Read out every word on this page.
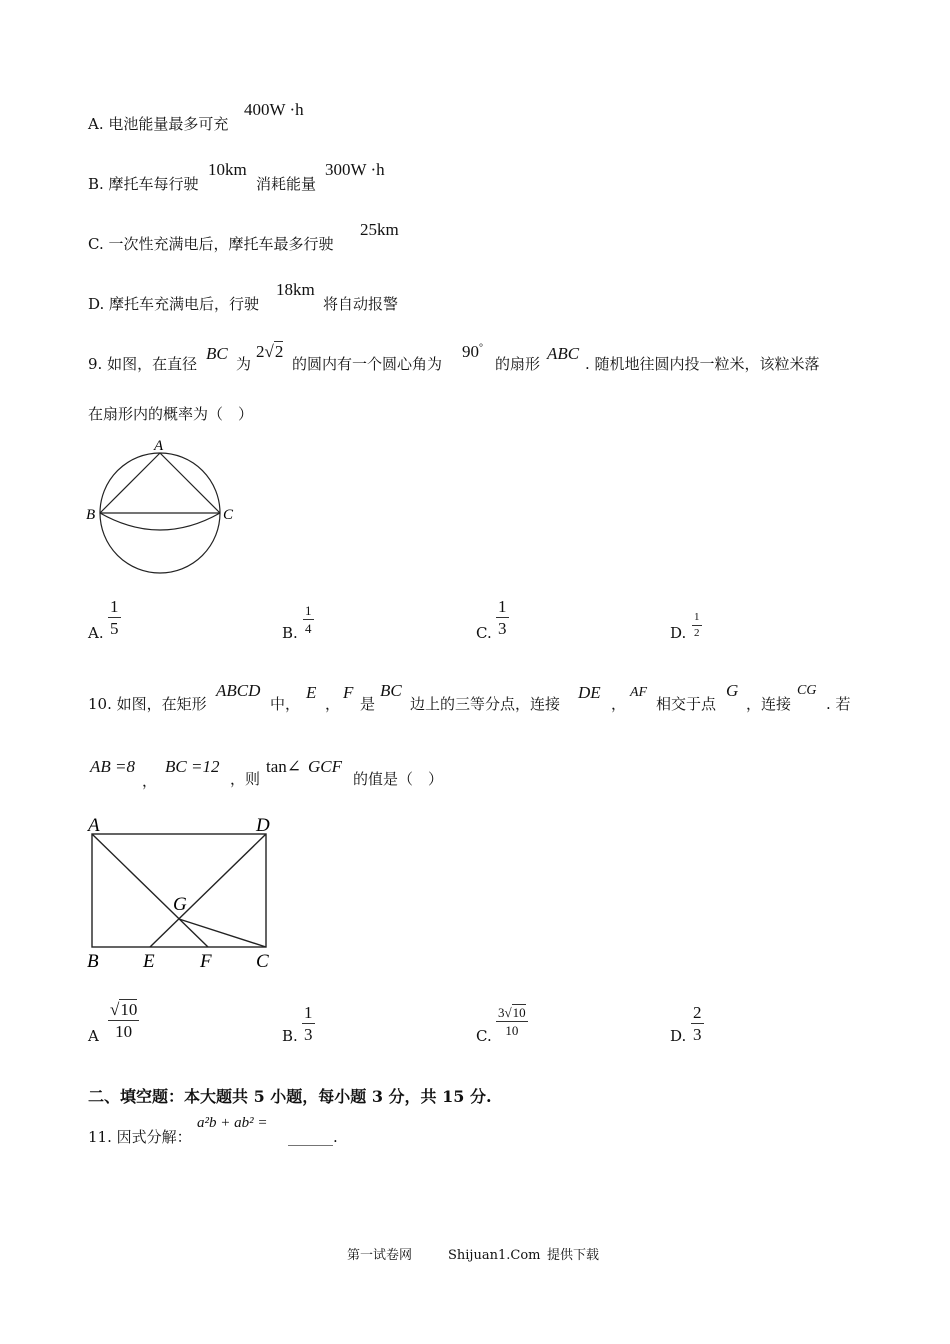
A. 电池能量最多可充
400W ·h
B. 摩托车每行驶
10km
消耗能量
300W ·h
C. 一次性充满电后，摩托车最多行驶
25km
D. 摩托车充满电后，行驶
18km
将自动报警
9. 如图，在直径
BC
为
2√2
的圆内有一个圆心角为
90°
的扇形
ABC
. 随机地往圆内投一粒米，该粒米落
在扇形内的概率为（　）
A
B	C
A.
1
5	B.
1
4	C.
1
3	D.
1
2
10. 如图，在矩形
ABCD
中，
E
，
F
是
BC
边上的三等分点，连接
DE
，
AF
相交于点
G
，连接
CG
. 若
AB =8
，
BC =12
，则
tan∠ GCF
的值是（　）
A	D
G
B E F C
A
√10
10	B.
1
3	C.
3√10
10	D.
2
3
二、填空题：本大题共 5 小题，每小题 3 分，共 15 分.
11. 因式分解：
a²b + ab² =
______.
第一试卷网	Shijuan1.Com 提供下载
